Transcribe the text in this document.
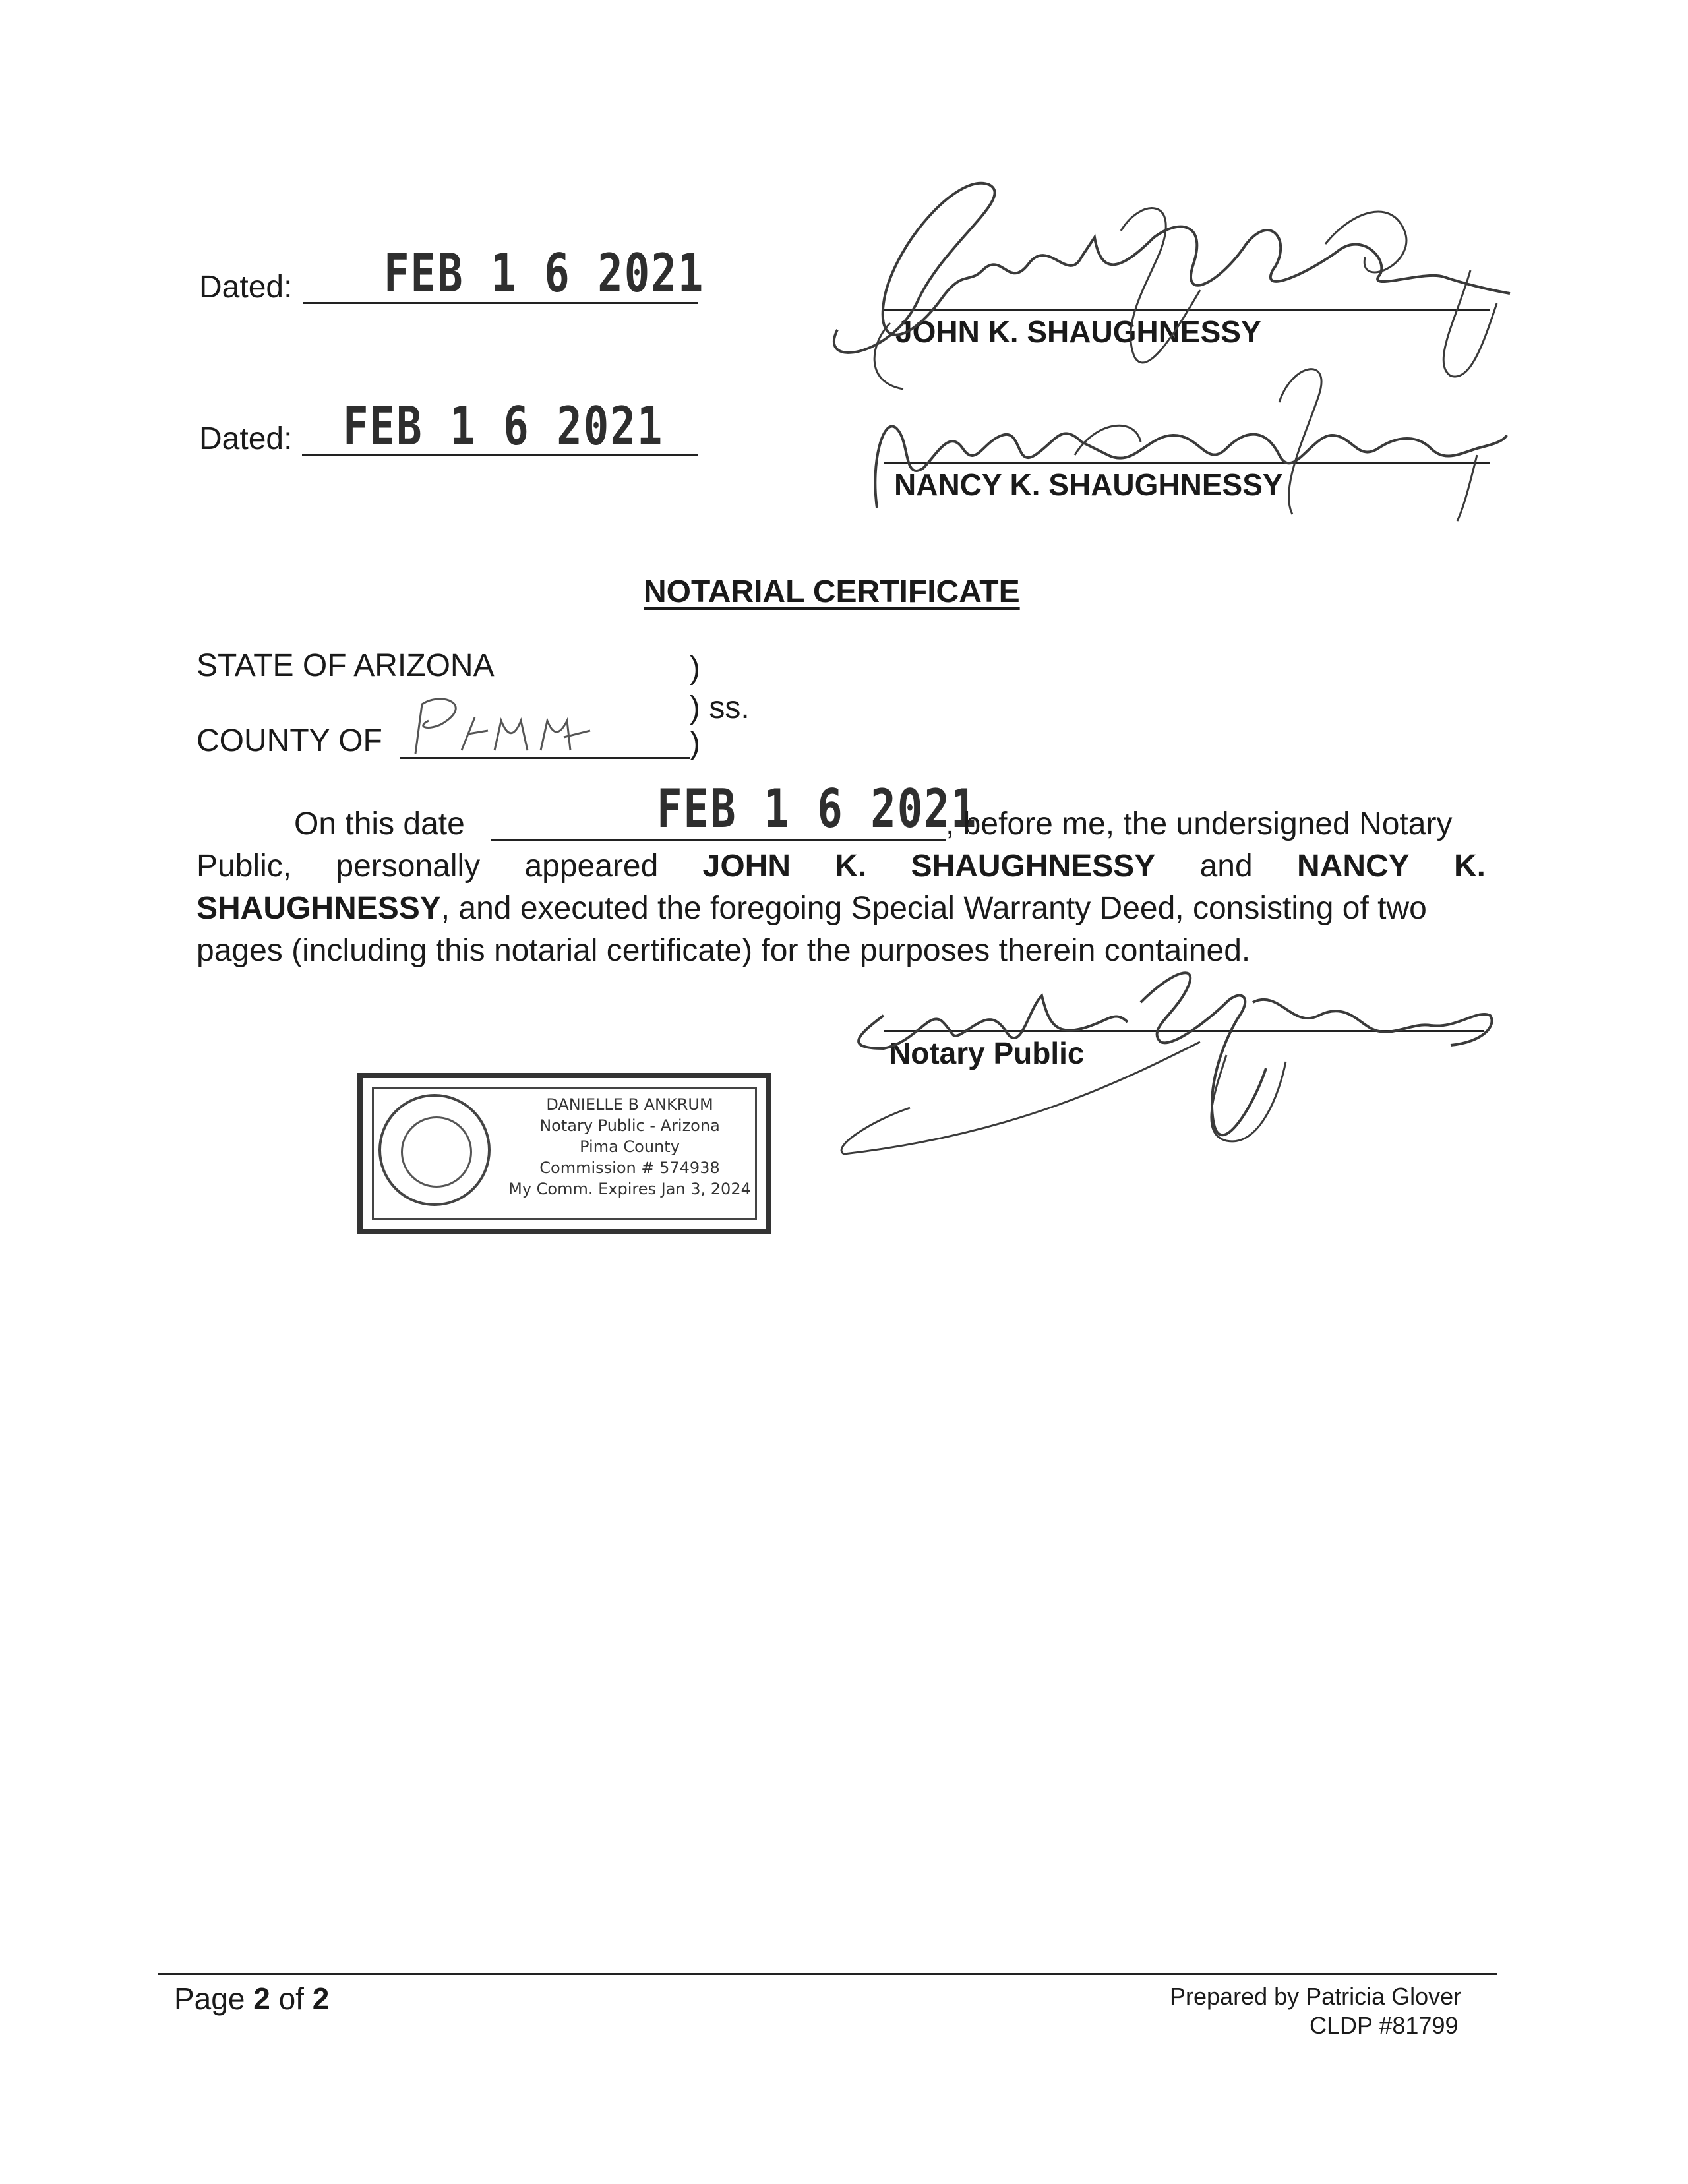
Dated: FEB 1 6 2021
Dated: FEB 1 6 2021
JOHN K. SHAUGHNESSY
NANCY K. SHAUGHNESSY
NOTARIAL CERTIFICATE
STATE OF ARIZONA	)
) ss.
COUNTY OF	)
On this date	FEB 1 6 2021
, before me, the undersigned Notary
Public, personally appeared JOHN K. SHAUGHNESSY and NANCY K.
SHAUGHNESSY, and executed the foregoing Special Warranty Deed, consisting of two
pages (including this notarial certificate) for the purposes therein contained.
Notary Public
DANIELLE B ANKRUM
Notary Public - Arizona
Pima County
Commission # 574938
My Comm. Expires Jan 3, 2024
Page 2 of 2	Prepared by Patricia Glover
CLDP #81799
